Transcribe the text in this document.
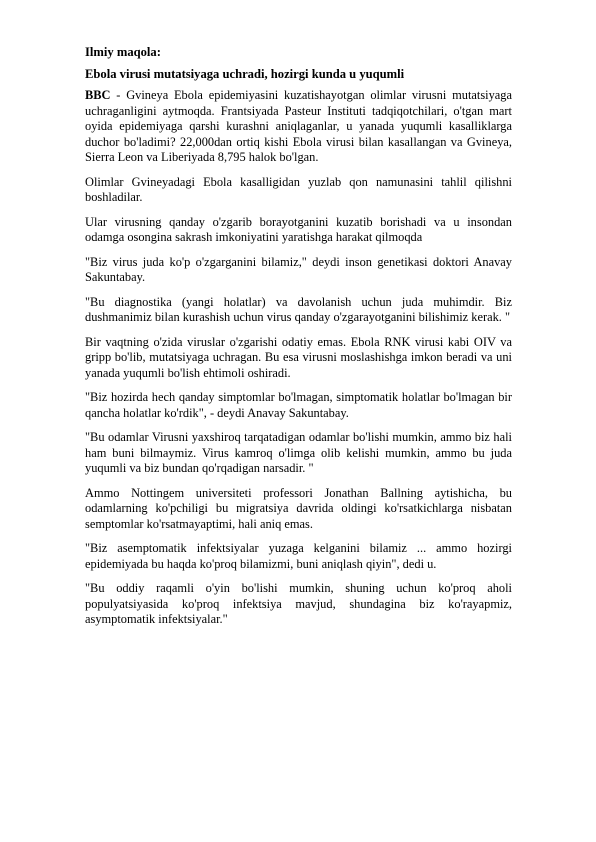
Ilmiy maqola:
Ebola virusi mutatsiyaga uchradi, hozirgi kunda u yuqumli

BBC - Gvineya Ebola epidemiyasini kuzatishayotgan olimlar virusni mutatsiyaga uchraganligini aytmoqda. Frantsiyada Pasteur Instituti tadqiqotchilari, o'tgan mart oyida epidemiyaga qarshi kurashni aniqlaganlar, u yanada yuqumli kasalliklarga duchor bo'ladimi? 22,000dan ortiq kishi Ebola virusi bilan kasallangan va Gvineya, Sierra Leon va Liberiyada 8,795 halok bo'lgan.

Olimlar Gvineyadagi Ebola kasalligidan yuzlab qon namunasini tahlil qilishni boshladilar.

Ular virusning qanday o'zgarib borayotganini kuzatib borishadi va u insondan odamga osongina sakrash imkoniyatini yaratishga harakat qilmoqda

"Biz virus juda ko'p o'zgarganini bilamiz," deydi inson genetikasi doktori Anavay Sakuntabay.

"Bu diagnostika (yangi holatlar) va davolanish uchun juda muhimdir. Biz dushmanimiz bilan kurashish uchun virus qanday o'zgarayotganini bilishimiz kerak. "

Bir vaqtning o'zida viruslar o'zgarishi odatiy emas. Ebola RNK virusi kabi OIV va gripp bo'lib, mutatsiyaga uchragan. Bu esa virusni moslashishga imkon beradi va uni yanada yuqumli bo'lish ehtimoli oshiradi.

"Biz hozirda hech qanday simptomlar bo'lmagan, simptomatik holatlar bo'lmagan bir qancha holatlar ko'rdik", - deydi Anavay Sakuntabay.

"Bu odamlar Virusni yaxshiroq tarqatadigan odamlar bo'lishi mumkin, ammo biz hali ham buni bilmaymiz. Virus kamroq o'limga olib kelishi mumkin, ammo bu juda yuqumli va biz bundan qo'rqadigan narsadir. "

Ammo Nottingem universiteti professori Jonathan Ballning aytishicha, bu odamlarning ko'pchiligi bu migratsiya davrida oldingi ko'rsatkichlarga nisbatan semptomlar ko'rsatmayaptimi, hali aniq emas.

"Biz asemptomatik infektsiyalar yuzaga kelganini bilamiz ... ammo hozirgi epidemiyada bu haqda ko'proq bilamizmi, buni aniqlash qiyin", dedi u.

"Bu oddiy raqamli o'yin bo'lishi mumkin, shuning uchun ko'proq aholi populyatsiyasida ko'proq infektsiya mavjud, shundagina biz ko'rayapmiz, asymptomatik infektsiyalar."
